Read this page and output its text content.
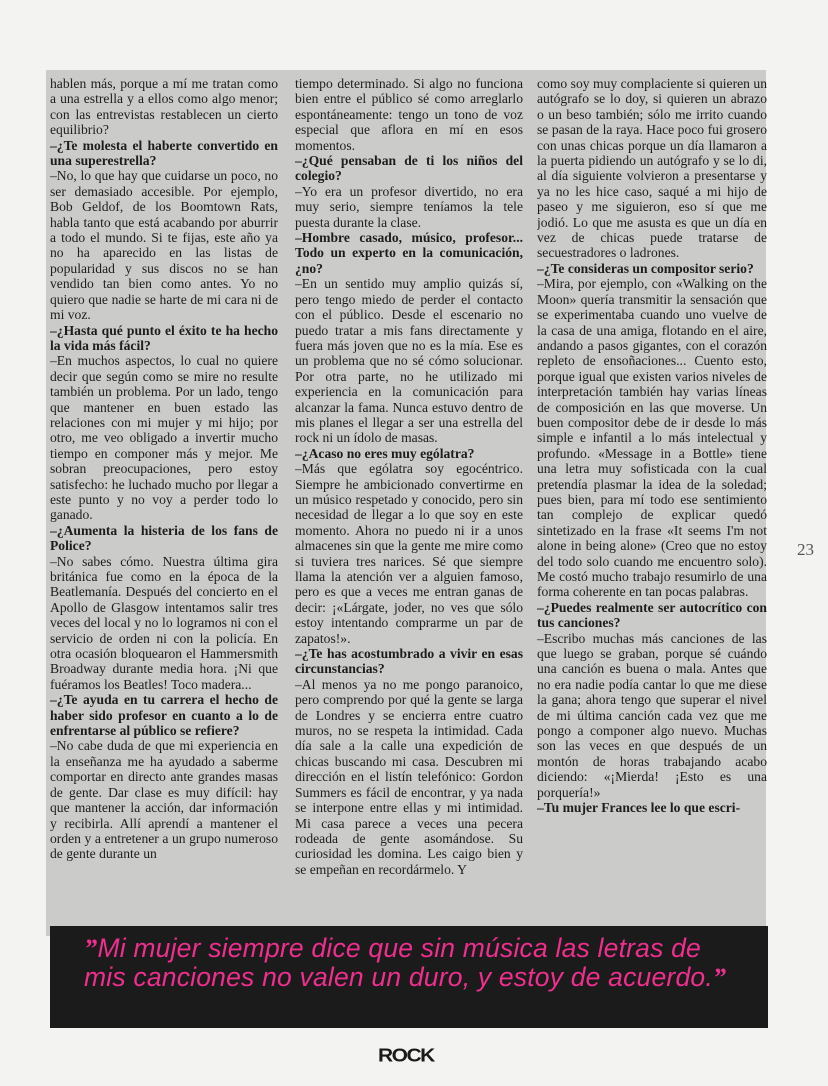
hablen más, porque a mí me tratan como a una estrella y a ellos como algo menor; con las entrevistas restablecen un cierto equilibrio?

–¿Te molesta el haberte convertido en una superestrella?

–No, lo que hay que cuidarse un poco, no ser demasiado accesible. Por ejemplo, Bob Geldof, de los Boomtown Rats, habla tanto que está acabando por aburrir a todo el mundo. Si te fijas, este año ya no ha aparecido en las listas de popularidad y sus discos no se han vendido tan bien como antes. Yo no quiero que nadie se harte de mi cara ni de mi voz.

–¿Hasta qué punto el éxito te ha hecho la vida más fácil?

–En muchos aspectos, lo cual no quiere decir que según como se mire no resulte también un problema. Por un lado, tengo que mantener en buen estado las relaciones con mi mujer y mi hijo; por otro, me veo obligado a invertir mucho tiempo en componer más y mejor. Me sobran preocupaciones, pero estoy satisfecho: he luchado mucho por llegar a este punto y no voy a perder todo lo ganado.

–¿Aumenta la histeria de los fans de Police?

–No sabes cómo. Nuestra última gira británica fue como en la época de la Beatlemanía. Después del concierto en el Apollo de Glasgow intentamos salir tres veces del local y no lo logramos ni con el servicio de orden ni con la policía. En otra ocasión bloquearon el Hammersmith Broadway durante media hora. ¡Ni que fuéramos los Beatles! Toco madera...

–¿Te ayuda en tu carrera el hecho de haber sido profesor en cuanto a lo de enfrentarse al público se refiere?

–No cabe duda de que mi experiencia en la enseñanza me ha ayudado a saberme comportar en directo ante grandes masas de gente. Dar clase es muy difícil: hay que mantener la acción, dar información y recibirla. Allí aprendí a mantener el orden y a entretener a un grupo numeroso de gente durante un

tiempo determinado. Si algo no funciona bien entre el público sé como arreglarlo espontáneamente: tengo un tono de voz especial que aflora en mí en esos momentos.

–¿Qué pensaban de ti los niños del colegio?

–Yo era un profesor divertido, no era muy serio, siempre teníamos la tele puesta durante la clase.

–Hombre casado, músico, profesor... Todo un experto en la comunicación, ¿no?

–En un sentido muy amplio quizás sí, pero tengo miedo de perder el contacto con el público. Desde el escenario no puedo tratar a mis fans directamente y fuera más joven que no es la mía. Ese es un problema que no sé cómo solucionar. Por otra parte, no he utilizado mi experiencia en la comunicación para alcanzar la fama. Nunca estuvo dentro de mis planes el llegar a ser una estrella del rock ni un ídolo de masas.

–¿Acaso no eres muy ególatra?

–Más que ególatra soy egocéntrico. Siempre he ambicionado convertirme en un músico respetado y conocido, pero sin necesidad de llegar a lo que soy en este momento. Ahora no puedo ni ir a unos almacenes sin que la gente me mire como si tuviera tres narices. Sé que siempre llama la atención ver a alguien famoso, pero es que a veces me entran ganas de decir: ¡«Lárgate, joder, no ves que sólo estoy intentando comprarme un par de zapatos!».

–¿Te has acostumbrado a vivir en esas circunstancias?

–Al menos ya no me pongo paranoico, pero comprendo por qué la gente se larga de Londres y se encierra entre cuatro muros, no se respeta la intimidad. Cada día sale a la calle una expedición de chicas buscando mi casa. Descubren mi dirección en el listín telefónico: Gordon Summers es fácil de encontrar, y ya nada se interpone entre ellas y mi intimidad. Mi casa parece a veces una pecera rodeada de gente asomándose. Su curiosidad les domina. Les caigo bien y se empeñan en recordármelo. Y

como soy muy complaciente si quieren un autógrafo se lo doy, si quieren un abrazo o un beso también; sólo me irrito cuando se pasan de la raya. Hace poco fui grosero con unas chicas porque un día llamaron a la puerta pidiendo un autógrafo y se lo di, al día siguiente volvieron a presentarse y ya no les hice caso, saqué a mi hijo de paseo y me siguieron, eso sí que me jodió. Lo que me asusta es que un día en vez de chicas puede tratarse de secuestradores o ladrones.

–¿Te consideras un compositor serio?

–Mira, por ejemplo, con «Walking on the Moon» quería transmitir la sensación que se experimentaba cuando uno vuelve de la casa de una amiga, flotando en el aire, andando a pasos gigantes, con el corazón repleto de ensoñaciones... Cuento esto, porque igual que existen varios niveles de interpretación también hay varias líneas de composición en las que moverse. Un buen compositor debe de ir desde lo más simple e infantil a lo más intelectual y profundo. «Message in a Bottle» tiene una letra muy sofisticada con la cual pretendía plasmar la idea de la soledad; pues bien, para mí todo ese sentimiento tan complejo de explicar quedó sintetizado en la frase «It seems I'm not alone in being alone» (Creo que no estoy del todo solo cuando me encuentro solo). Me costó mucho trabajo resumirlo de una forma coherente en tan pocas palabras.

–¿Puedes realmente ser autocrítico con tus canciones?

–Escribo muchas más canciones de las que luego se graban, porque sé cuándo una canción es buena o mala. Antes que no era nadie podía cantar lo que me diese la gana; ahora tengo que superar el nivel de mi última canción cada vez que me pongo a componer algo nuevo. Muchas son las veces en que después de un montón de horas trabajando acabo diciendo: «¡Mierda! ¡Esto es una porquería!»

–Tu mujer Frances lee lo que escri-

23
”Mi mujer siempre dice que sin música las letras de mis canciones no valen un duro, y estoy de acuerdo.”
ROCK
